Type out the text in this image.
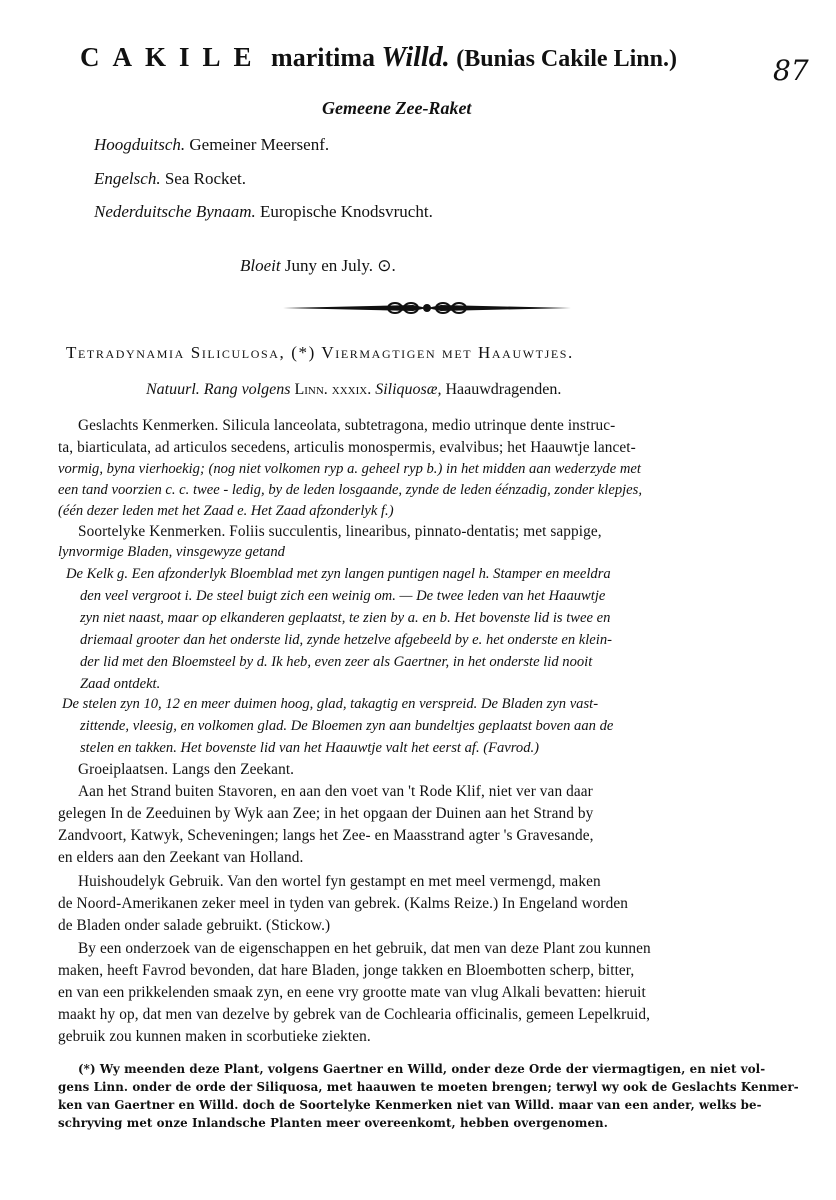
CAKILE maritima Willd. (Bunias Cakile Linn.)	87
Gemeene Zee-Raket
Hoogduitsch. Gemeiner Meersenf.
Engelsch. Sea Rocket.
Nederduitsche Bynaam. Europische Knodsvrucht.
Bloeit Juny en July. ⊙.
Tetradynamia Siliculosa, (*) Viermagtigen met Haauwtjes.
Natuurl. Rang volgens Linn. xxxix. Siliquosæ, Haauwdragenden.
Geslachts Kenmerken. Silicula lanceolata, subtetragona, medio utrinque dente instruc-
ta, biarticulata, ad articulos secedens, articulis monospermis, evalvibus; het Haauwtje lancet-
vormig, byna vierhoekig; (nog niet volkomen ryp a. geheel ryp b.) in het midden aan wederzyde met
een tand voorzien c. c. twee - ledig, by de leden losgaande, zynde de leden éénzadig, zonder klepjes,
(één dezer leden met het Zaad e. Het Zaad afzonderlyk f.)
Soortelyke Kenmerken. Foliis succulentis, linearibus, pinnato-dentatis; met sappige,
lynvormige Bladen, vinsgewyze getand
De Kelk g. Een afzonderlyk Bloemblad met zyn langen puntigen nagel h. Stamper en meeldra
den veel vergroot i. De steel buigt zich een weinig om. — De twee leden van het Haauwtje
zyn niet naast, maar op elkanderen geplaatst, te zien by a. en b. Het bovenste lid is twee en
driemaal grooter dan het onderste lid, zynde hetzelve afgebeeld by e. het onderste en klein-
der lid met den Bloemsteel by d. Ik heb, even zeer als Gaertner, in het onderste lid nooit
Zaad ontdekt.
De stelen zyn 10, 12 en meer duimen hoog, glad, takagtig en verspreid. De Bladen zyn vast-
zittende, vleesig, en volkomen glad. De Bloemen zyn aan bundeltjes geplaatst boven aan de
stelen en takken. Het bovenste lid van het Haauwtje valt het eerst af. (Favrod.)
Groeiplaatsen. Langs den Zeekant.
Aan het Strand buiten Stavoren, en aan den voet van 't Rode Klif, niet ver van daar
gelegen In de Zeeduinen by Wyk aan Zee; in het opgaan der Duinen aan het Strand by
Zandvoort, Katwyk, Scheveningen; langs het Zee- en Maasstrand agter 's Gravesande,
en elders aan den Zeekant van Holland.
Huishoudelyk Gebruik. Van den wortel fyn gestampt en met meel vermengd, maken
de Noord-Amerikanen zeker meel in tyden van gebrek. (Kalms Reize.) In Engeland worden
de Bladen onder salade gebruikt. (Stickow.)
By een onderzoek van de eigenschappen en het gebruik, dat men van deze Plant zou kunnen
maken, heeft Favrod bevonden, dat hare Bladen, jonge takken en Bloembotten scherp, bitter,
en van een prikkelenden smaak zyn, en eene vry grootte mate van vlug Alkali bevatten: hieruit
maakt hy op, dat men van dezelve by gebrek van de Cochlearia officinalis, gemeen Lepelkruid,
gebruik zou kunnen maken in scorbutieke ziekten.
(*) Wy meenden deze Plant, volgens Gaertner en Willd, onder deze Orde der viermagtigen, en niet vol-
gens Linn. onder de orde der Siliquosa, met haauwen te moeten brengen; terwyl wy ook de Geslachts Kenmer-
ken van Gaertner en Willd. doch de Soortelyke Kenmerken niet van Willd. maar van een ander, welks be-
schryving met onze Inlandsche Planten meer overeenkomt, hebben overgenomen.
